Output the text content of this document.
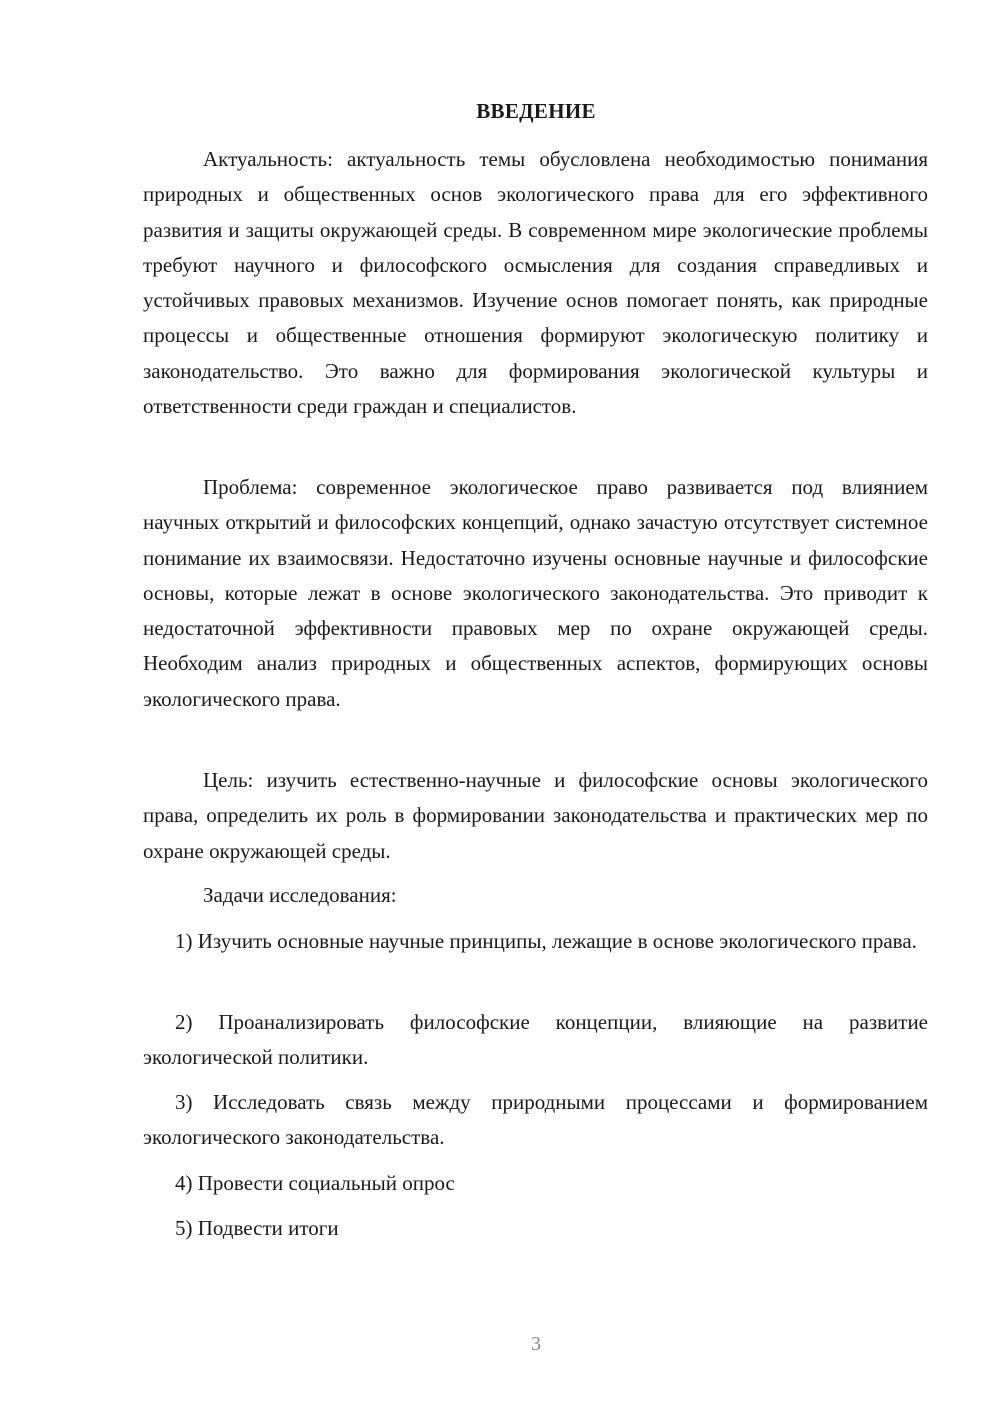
ВВЕДЕНИЕ

Актуальность: актуальность темы обусловлена необходимостью понимания природных и общественных основ экологического права для его эффективного развития и защиты окружающей среды. В современном мире экологические проблемы требуют научного и философского осмысления для создания справедливых и устойчивых правовых механизмов. Изучение основ помогает понять, как природные процессы и общественные отношения формируют экологическую политику и законодательство. Это важно для формирования экологической культуры и ответственности среди граждан и специалистов.

Проблема: современное экологическое право развивается под влиянием научных открытий и философских концепций, однако зачастую отсутствует системное понимание их взаимосвязи. Недостаточно изучены основные научные и философские основы, которые лежат в основе экологического законодательства. Это приводит к недостаточной эффективности правовых мер по охране окружающей среды. Необходим анализ природных и общественных аспектов, формирующих основы экологического права.

Цель: изучить естественно-научные и философские основы экологического права, определить их роль в формировании законодательства и практических мер по охране окружающей среды.

Задачи исследования:

1) Изучить основные научные принципы, лежащие в основе экологического права.

2) Проанализировать философские концепции, влияющие на развитие экологической политики.

3) Исследовать связь между природными процессами и формированием экологического законодательства.

4) Провести социальный опрос

5) Подвести итоги

3
